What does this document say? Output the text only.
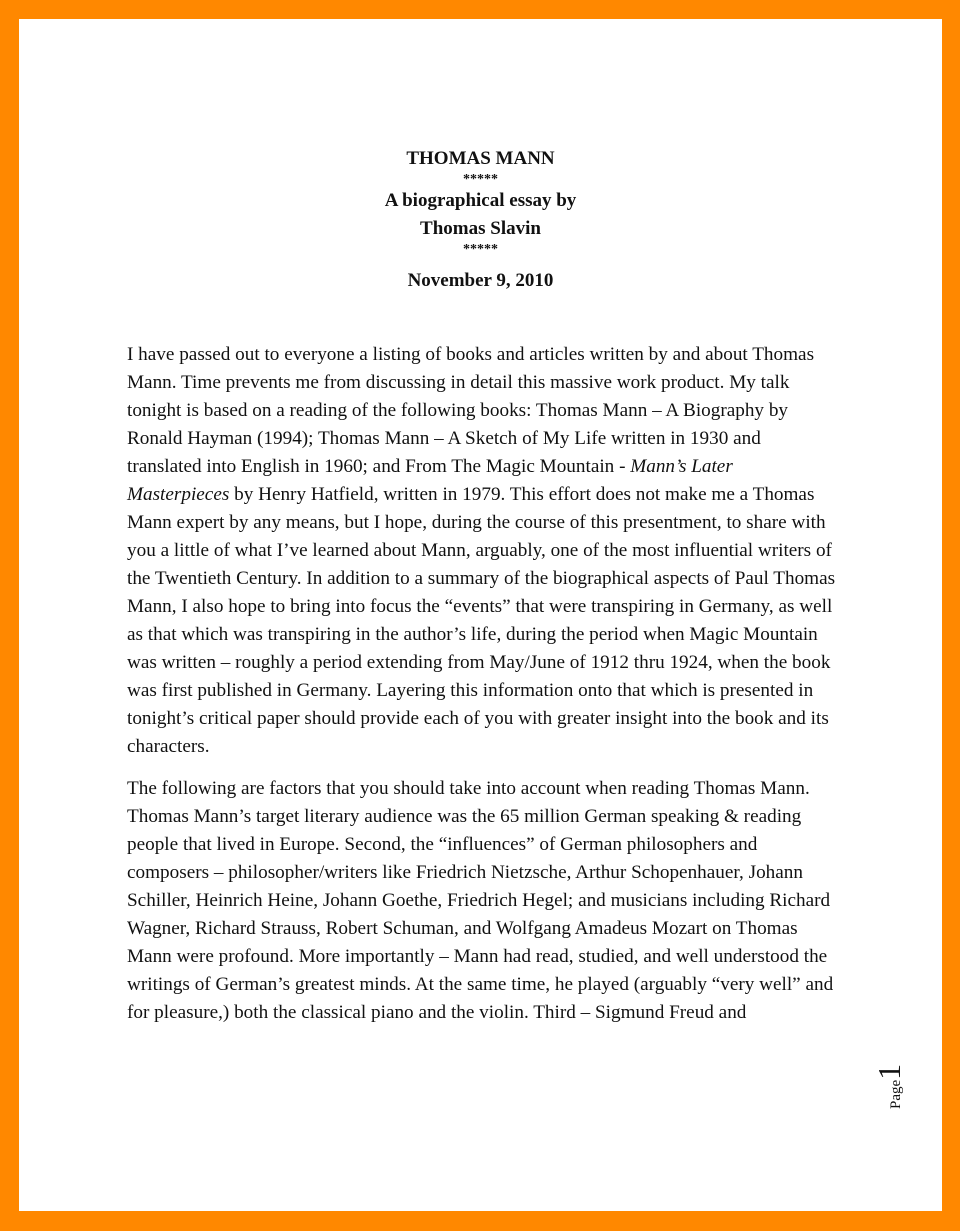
THOMAS MANN
*****
A biographical essay by
Thomas Slavin
*****
November 9, 2010

I have passed out to everyone a listing of books and articles written by and about Thomas Mann. Time prevents me from discussing in detail this massive work product. My talk tonight is based on a reading of the following books: Thomas Mann – A Biography by Ronald Hayman (1994); Thomas Mann – A Sketch of My Life written in 1930 and translated into English in 1960; and From The Magic Mountain - Mann’s Later Masterpieces by Henry Hatfield, written in 1979. This effort does not make me a Thomas Mann expert by any means, but I hope, during the course of this presentment, to share with you a little of what I’ve learned about Mann, arguably, one of the most influential writers of the Twentieth Century. In addition to a summary of the biographical aspects of Paul Thomas Mann, I also hope to bring into focus the “events” that were transpiring in Germany, as well as that which was transpiring in the author’s life, during the period when Magic Mountain was written – roughly a period extending from May/June of 1912 thru 1924, when the book was first published in Germany. Layering this information onto that which is presented in tonight’s critical paper should provide each of you with greater insight into the book and its characters.

The following are factors that you should take into account when reading Thomas Mann. Thomas Mann’s target literary audience was the 65 million German speaking & reading people that lived in Europe. Second, the “influences” of German philosophers and composers – philosopher/writers like Friedrich Nietzsche, Arthur Schopenhauer, Johann Schiller, Heinrich Heine, Johann Goethe, Friedrich Hegel; and musicians including Richard Wagner, Richard Strauss, Robert Schuman, and Wolfgang Amadeus Mozart on Thomas Mann were profound. More importantly – Mann had read, studied, and well understood the writings of German’s greatest minds. At the same time, he played (arguably “very well” and for pleasure,) both the classical piano and the violin. Third – Sigmund Freud and

Page1
